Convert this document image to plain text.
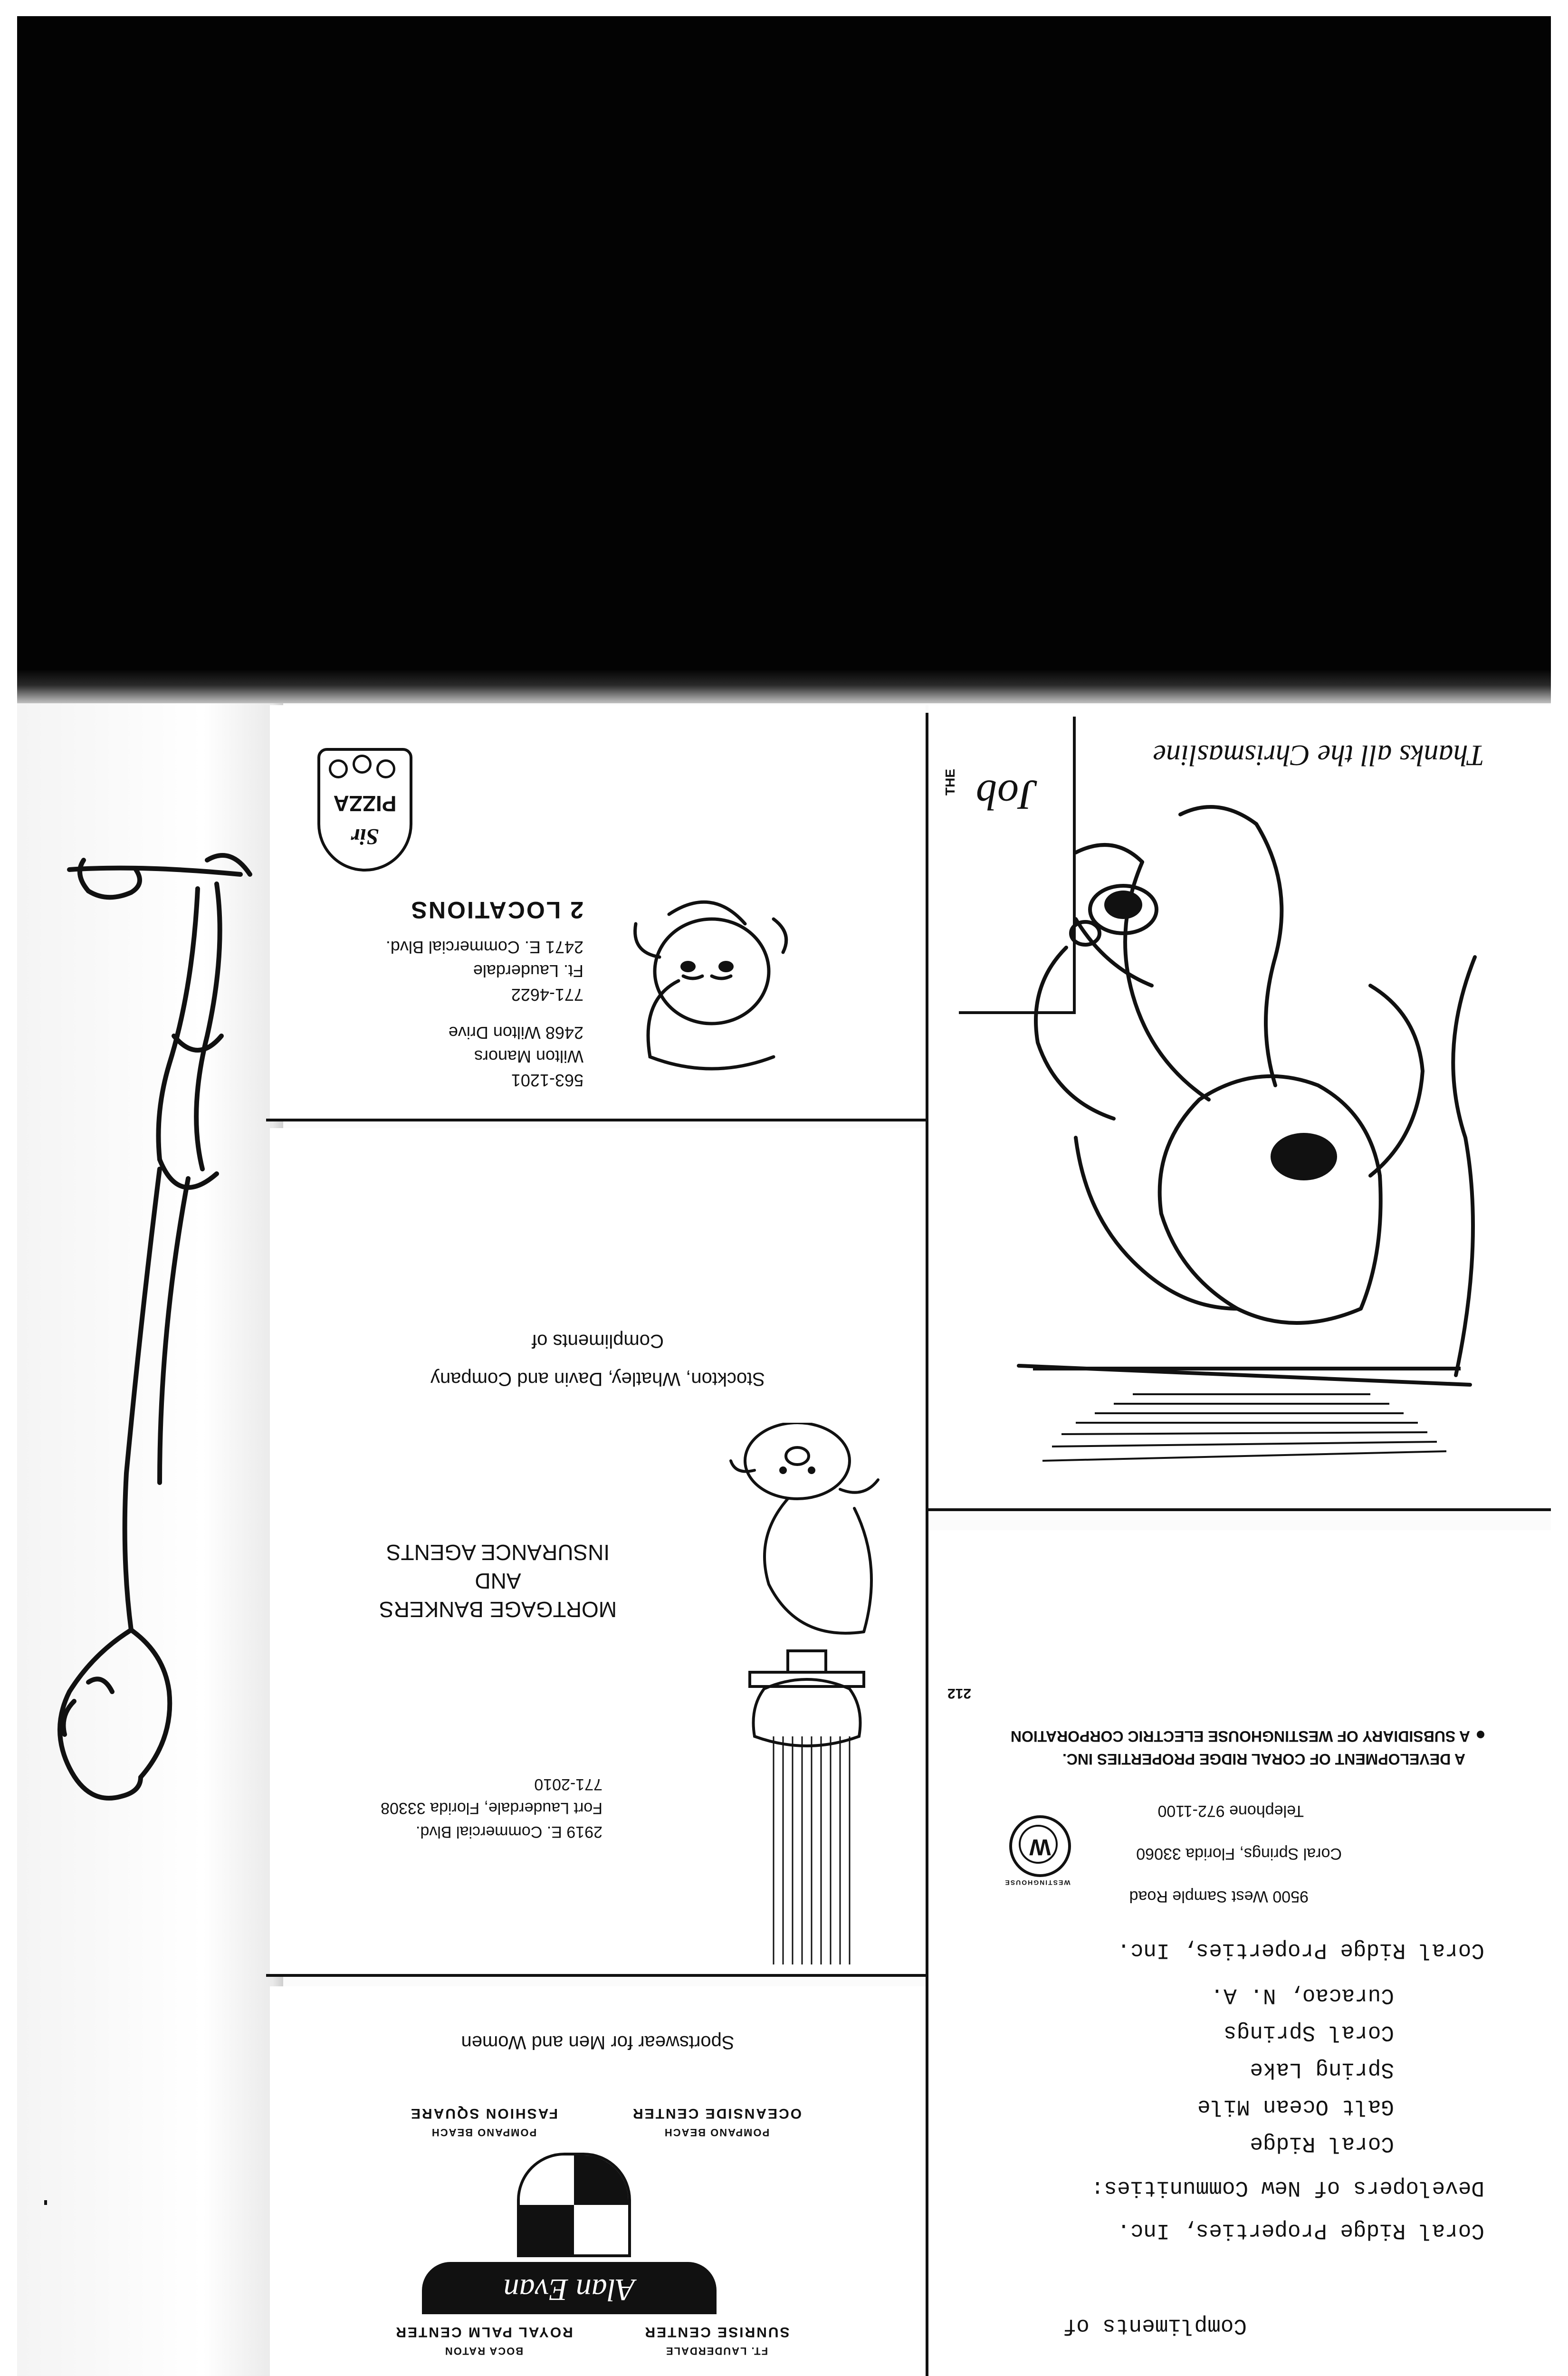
Compliments of
Coral Ridge Properties, Inc.
Developers of New Communities:
Coral Ridge
Galt Ocean Mile
Spring Lake
Coral Springs
Curacao, N. A.
Coral Ridge Properties, Inc.
9500 West Sample Road
Coral Springs, Florida 33060
W
WESTINGHOUSE
Telephone 972-1100
A DEVELOPMENT OF CORAL RIDGE PROPERTIES INC.
A SUBSIDIARY OF WESTINGHOUSE ELECTRIC CORPORATION
212
THE Job
Thanks all the Chrismasline
FT. LAUDERDALE
SUNRISE CENTER
BOCA RATON
ROYAL PALM CENTER
Alan Evan
POMPANO BEACH
OCEANSIDE CENTER
POMPANO BEACH
FASHION SQUARE
Sportswear for Men and Women
2919 E. Commercial Blvd.
Fort Lauderdale, Florida 33308
771-2010
MORTGAGE BANKERS
AND
INSURANCE AGENTS
Stockton, Whatley, Davin and Company
Compliments of
563-1201
Wilton Manors
2468 Wilton Drive
771-4622
Ft. Lauderdale
2471 E. Commercial Blvd.
2 LOCATIONS
Sir
PIZZA
